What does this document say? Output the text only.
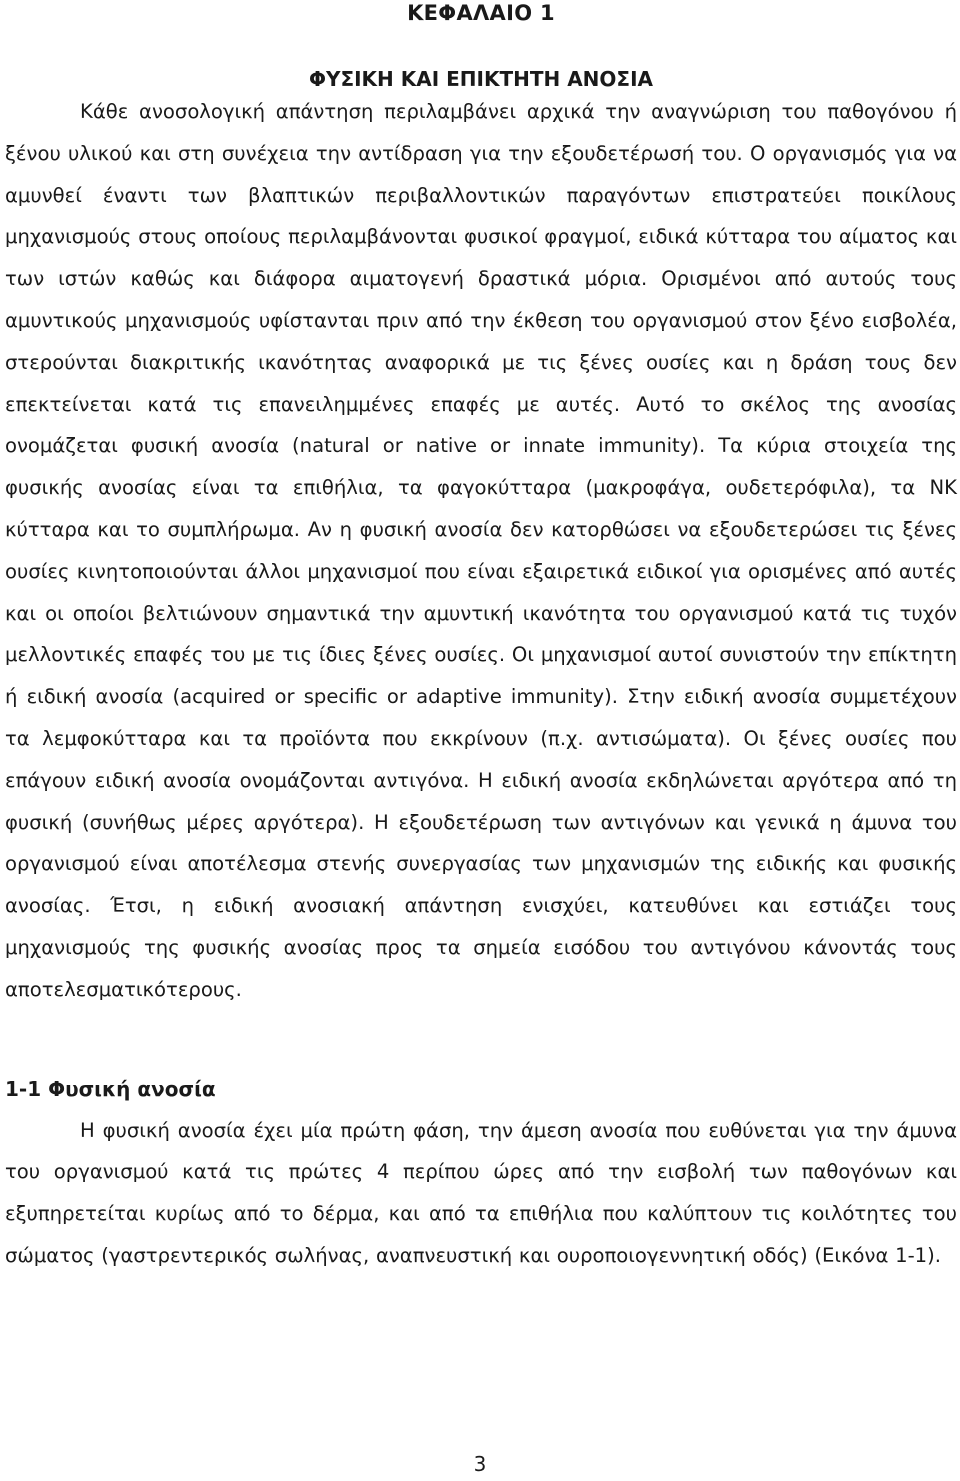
ΚΕΦΑΛΑΙΟ 1
ΦΥΣΙΚΗ ΚΑΙ ΕΠΙΚΤΗΤΗ ΑΝΟΣΙΑ

Κάθε ανοσολογική απάντηση περιλαμβάνει αρχικά την αναγνώριση του παθογόνου ή ξένου υλικού και στη συνέχεια την αντίδραση για την εξουδετέρωσή του. Ο οργανισμός για να αμυνθεί έναντι των βλαπτικών περιβαλλοντικών παραγόντων επιστρατεύει ποικίλους μηχανισμούς στους οποίους περιλαμβάνονται φυσικοί φραγμοί, ειδικά κύτταρα του αίματος και των ιστών καθώς και διάφορα αιματογενή δραστικά μόρια. Ορισμένοι από αυτούς τους αμυντικούς μηχανισμούς υφίστανται πριν από την έκθεση του οργανισμού στον ξένο εισβολέα, στερούνται διακριτικής ικανότητας αναφορικά με τις ξένες ουσίες και η δράση τους δεν επεκτείνεται κατά τις επανειλημμένες επαφές με αυτές. Αυτό το σκέλος της ανοσίας ονομάζεται φυσική ανοσία (natural or native or innate immunity). Τα κύρια στοιχεία της φυσικής ανοσίας είναι τα επιθήλια, τα φαγοκύτταρα (μακροφάγα, ουδετερόφιλα), τα NK κύτταρα και το συμπλήρωμα. Αν η φυσική ανοσία δεν κατορθώσει να εξουδετερώσει τις ξένες ουσίες κινητοποιούνται άλλοι μηχανισμοί που είναι εξαιρετικά ειδικοί για ορισμένες από αυτές και οι οποίοι βελτιώνουν σημαντικά την αμυντική ικανότητα του οργανισμού κατά τις τυχόν μελλοντικές επαφές του με τις ίδιες ξένες ουσίες. Οι μηχανισμοί αυτοί συνιστούν την επίκτητη ή ειδική ανοσία (acquired or specific or adaptive immunity). Στην ειδική ανοσία συμμετέχουν τα λεμφοκύτταρα και τα προϊόντα που εκκρίνουν (π.χ. αντισώματα). Οι ξένες ουσίες που επάγουν ειδική ανοσία ονομάζονται αντιγόνα. Η ειδική ανοσία εκδηλώνεται αργότερα από τη φυσική (συνήθως μέρες αργότερα). Η εξουδετέρωση των αντιγόνων και γενικά η άμυνα του οργανισμού είναι αποτέλεσμα στενής συνεργασίας των μηχανισμών της ειδικής και φυσικής ανοσίας. Έτσι, η ειδική ανοσιακή απάντηση ενισχύει, κατευθύνει και εστιάζει τους μηχανισμούς της φυσικής ανοσίας προς τα σημεία εισόδου του αντιγόνου κάνοντάς τους αποτελεσματικότερους.

1-1 Φυσική ανοσία

Η φυσική ανοσία έχει μία πρώτη φάση, την άμεση ανοσία που ευθύνεται για την άμυνα του οργανισμού κατά τις πρώτες 4 περίπου ώρες από την εισβολή των παθογόνων και εξυπηρετείται κυρίως από το δέρμα, και από τα επιθήλια που καλύπτουν τις κοιλότητες του σώματος (γαστρεντερικός σωλήνας, αναπνευστική και ουροποιογεννητική οδός) (Εικόνα 1-1).

3
